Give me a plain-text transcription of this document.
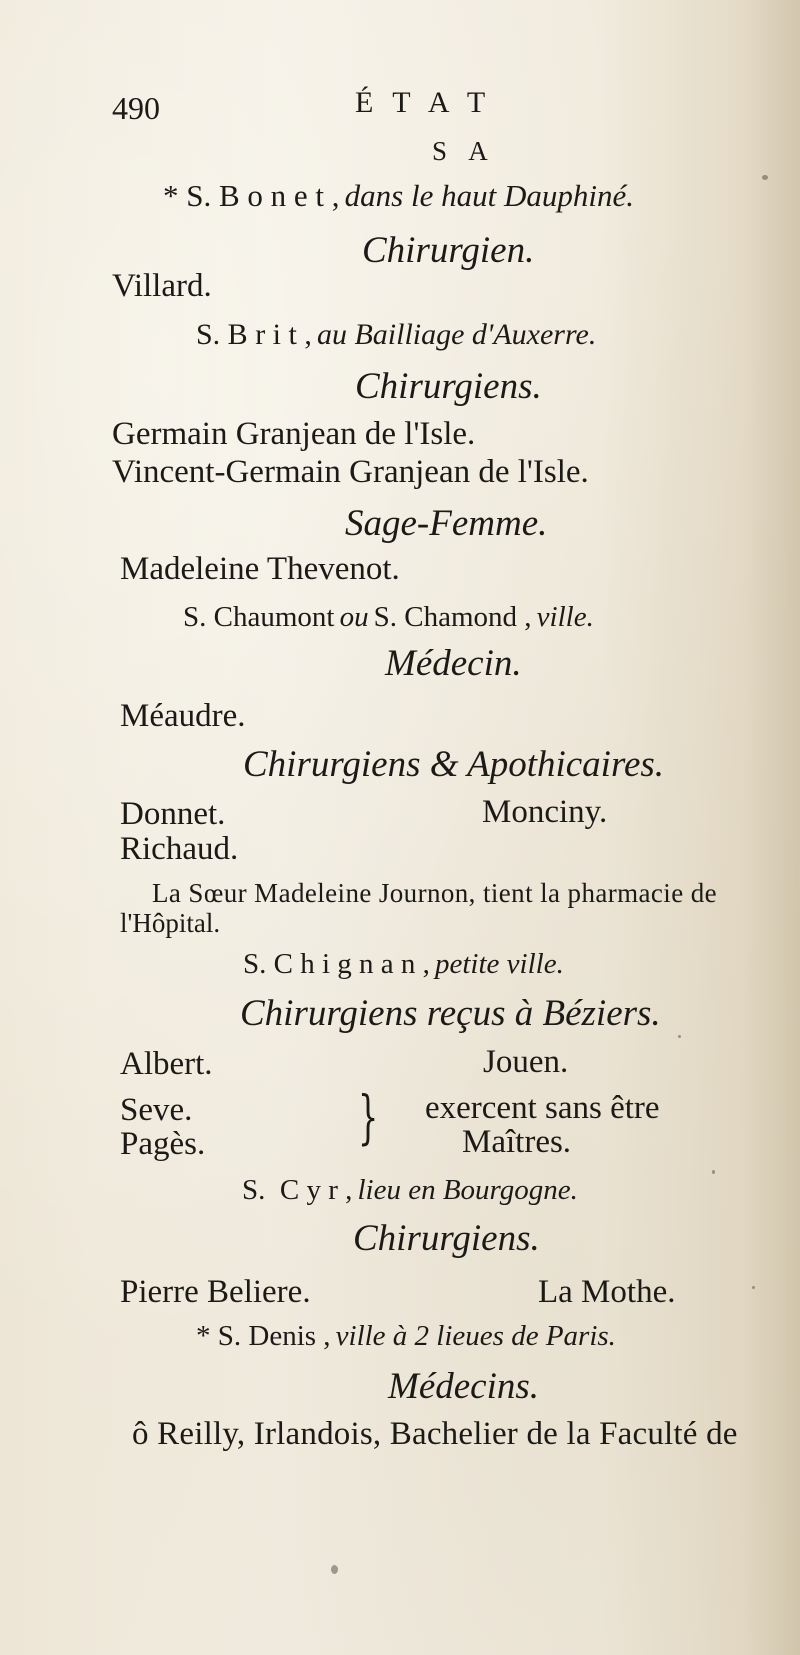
490	É T A T
S A
* S. B o n e t , dans le haut Dauphiné.
Chirurgien.
Villard.
S. B r i t , au Bailliage d'Auxerre.
Chirurgiens.
Germain Granjean de l'Isle.
Vincent-Germain Granjean de l'Isle.
Sage-Femme.
Madeleine Thevenot.
S. Chaumont ou S. Chamond , ville.
Médecin.
Méaudre.
Chirurgiens & Apothicaires.
Donnet.	Monciny.
Richaud.
La Sœur Madeleine Journon, tient la pharmacie de
l'Hôpital.
S. C h i g n a n , petite ville.
Chirurgiens reçus à Béziers.
Albert.	Jouen.
Seve.
Pagès.	} exercent sans être
Maîtres.
S.  C y r , lieu en Bourgogne.
Chirurgiens.
Pierre Beliere.	La Mothe.
* S. Denis , ville à 2 lieues de Paris.
Médecins.
ô Reilly, Irlandois, Bachelier de la Faculté de
